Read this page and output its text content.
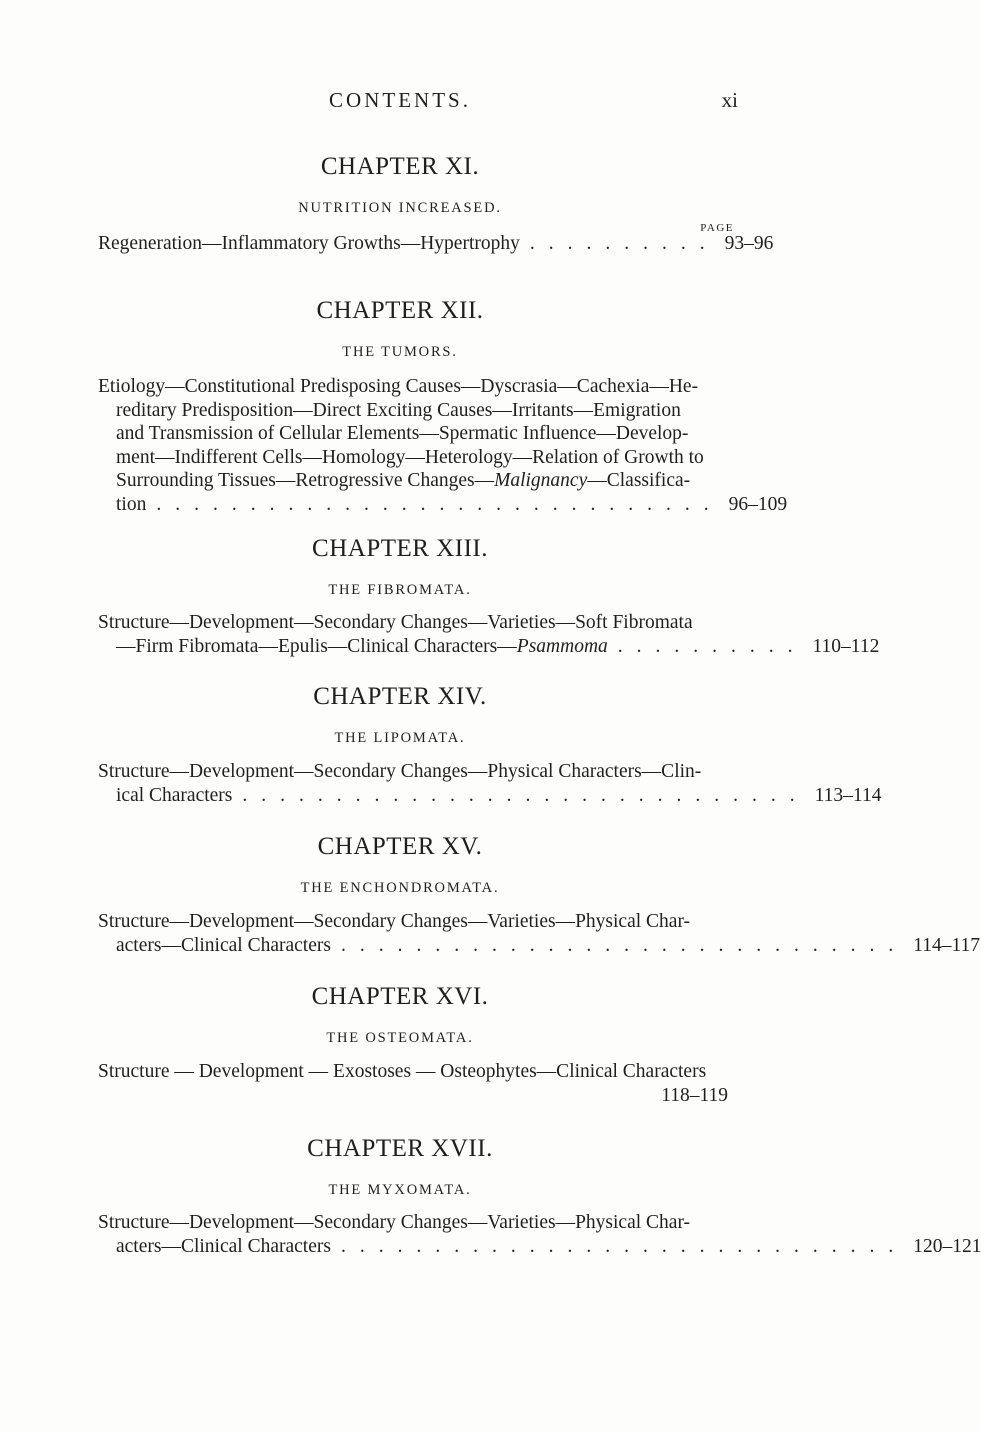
CONTENTS.	xi
CHAPTER XI.
NUTRITION INCREASED.
PAGE
Regeneration—Inflammatory Growths—Hypertrophy .......... 93–96
CHAPTER XII.
THE TUMORS.
Etiology—Constitutional Predisposing Causes—Dyscrasia—Cachexia—He-
reditary Predisposition—Direct Exciting Causes—Irritants—Emigration
and Transmission of Cellular Elements—Spermatic Influence—Develop-
ment—Indifferent Cells—Homology—Heterology—Relation of Growth to
Surrounding Tissues—Retrogressive Changes—Malignancy—Classifica-
tion .............................. 96–109
CHAPTER XIII.
THE FIBROMATA.
Structure—Development—Secondary Changes—Varieties—Soft Fibromata
—Firm Fibromata—Epulis—Clinical Characters—Psammoma .......... 110–112
CHAPTER XIV.
THE LIPOMATA.
Structure—Development—Secondary Changes—Physical Characters—Clin-
ical Characters .............................. 113–114
CHAPTER XV.
THE ENCHONDROMATA.
Structure—Development—Secondary Changes—Varieties—Physical Char-
acters—Clinical Characters .............................. 114–117
CHAPTER XVI.
THE OSTEOMATA.
Structure — Development — Exostoses — Osteophytes—Clinical Characters
118–119
CHAPTER XVII.
THE MYXOMATA.
Structure—Development—Secondary Changes—Varieties—Physical Char-
acters—Clinical Characters .............................. 120–121
